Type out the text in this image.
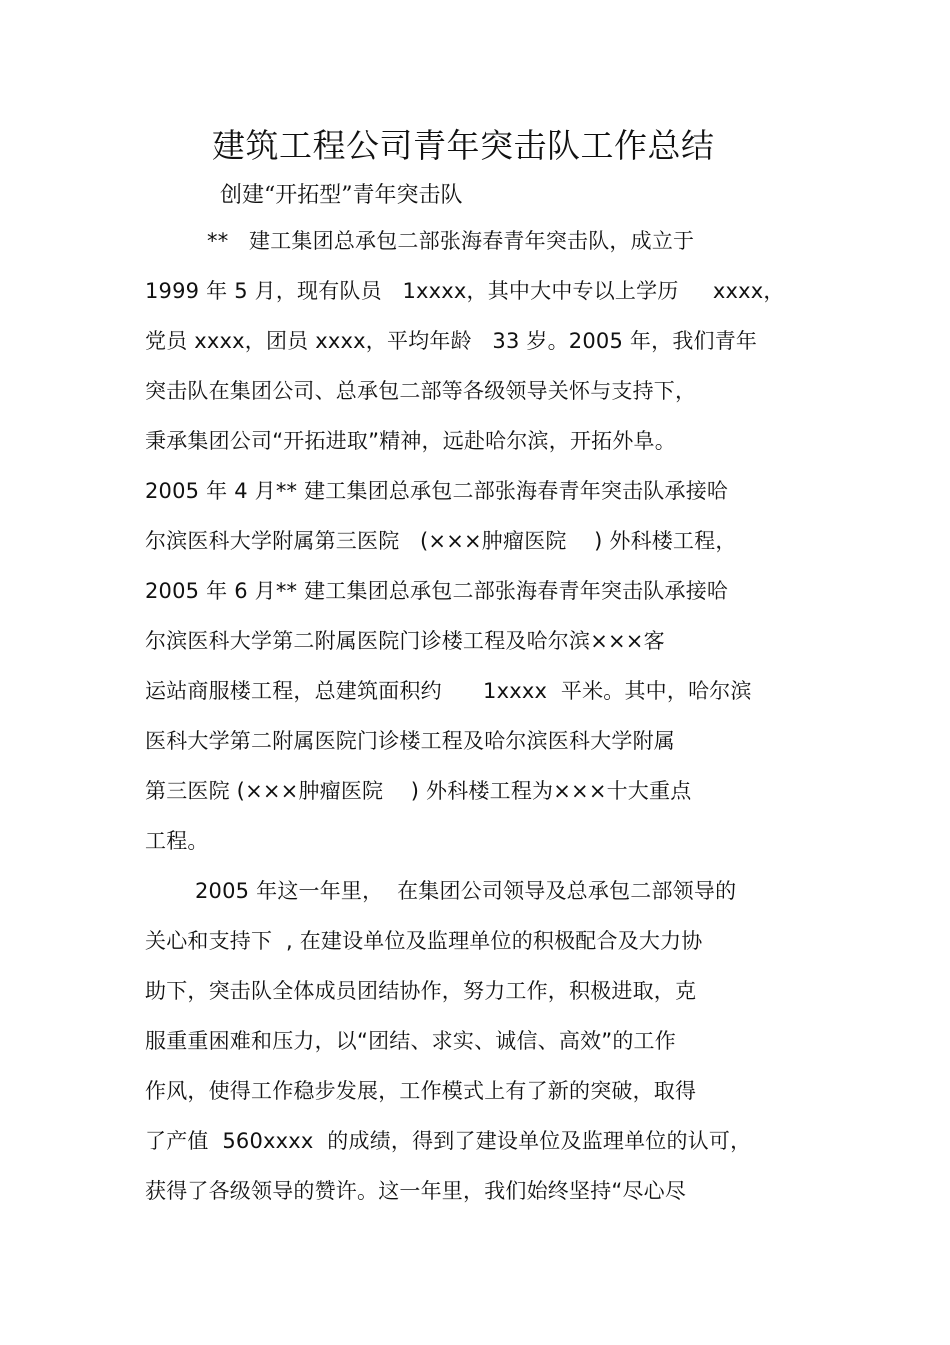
建筑工程公司青年突击队工作总结
创建“开拓型”青年突击队
**   建工集团总承包二部张海春青年突击队，成立于
1999 年 5 月，现有队员   1xxxx，其中大中专以上学历     xxxx，
党员 xxxx，团员 xxxx，平均年龄   33 岁。2005 年，我们青年
突击队在集团公司、总承包二部等各级领导关怀与支持下，
秉承集团公司“开拓进取”精神，远赴哈尔滨，开拓外阜。
2005 年 4 月** 建工集团总承包二部张海春青年突击队承接哈
尔滨医科大学附属第三医院   (×××肿瘤医院    ) 外科楼工程，
2005 年 6 月** 建工集团总承包二部张海春青年突击队承接哈
尔滨医科大学第二附属医院门诊楼工程及哈尔滨×××客
运站商服楼工程，总建筑面积约      1xxxx  平米。其中，哈尔滨
医科大学第二附属医院门诊楼工程及哈尔滨医科大学附属
第三医院 (×××肿瘤医院    ) 外科楼工程为×××十大重点
工程。
2005 年这一年里，  在集团公司领导及总承包二部领导的
关心和支持下  , 在建设单位及监理单位的积极配合及大力协
助下，突击队全体成员团结协作，努力工作，积极进取，克
服重重困难和压力，以“团结、求实、诚信、高效”的工作
作风，使得工作稳步发展，工作模式上有了新的突破，取得
了产值  560xxxx  的成绩，得到了建设单位及监理单位的认可，
获得了各级领导的赞许。这一年里，我们始终坚持“尽心尽
